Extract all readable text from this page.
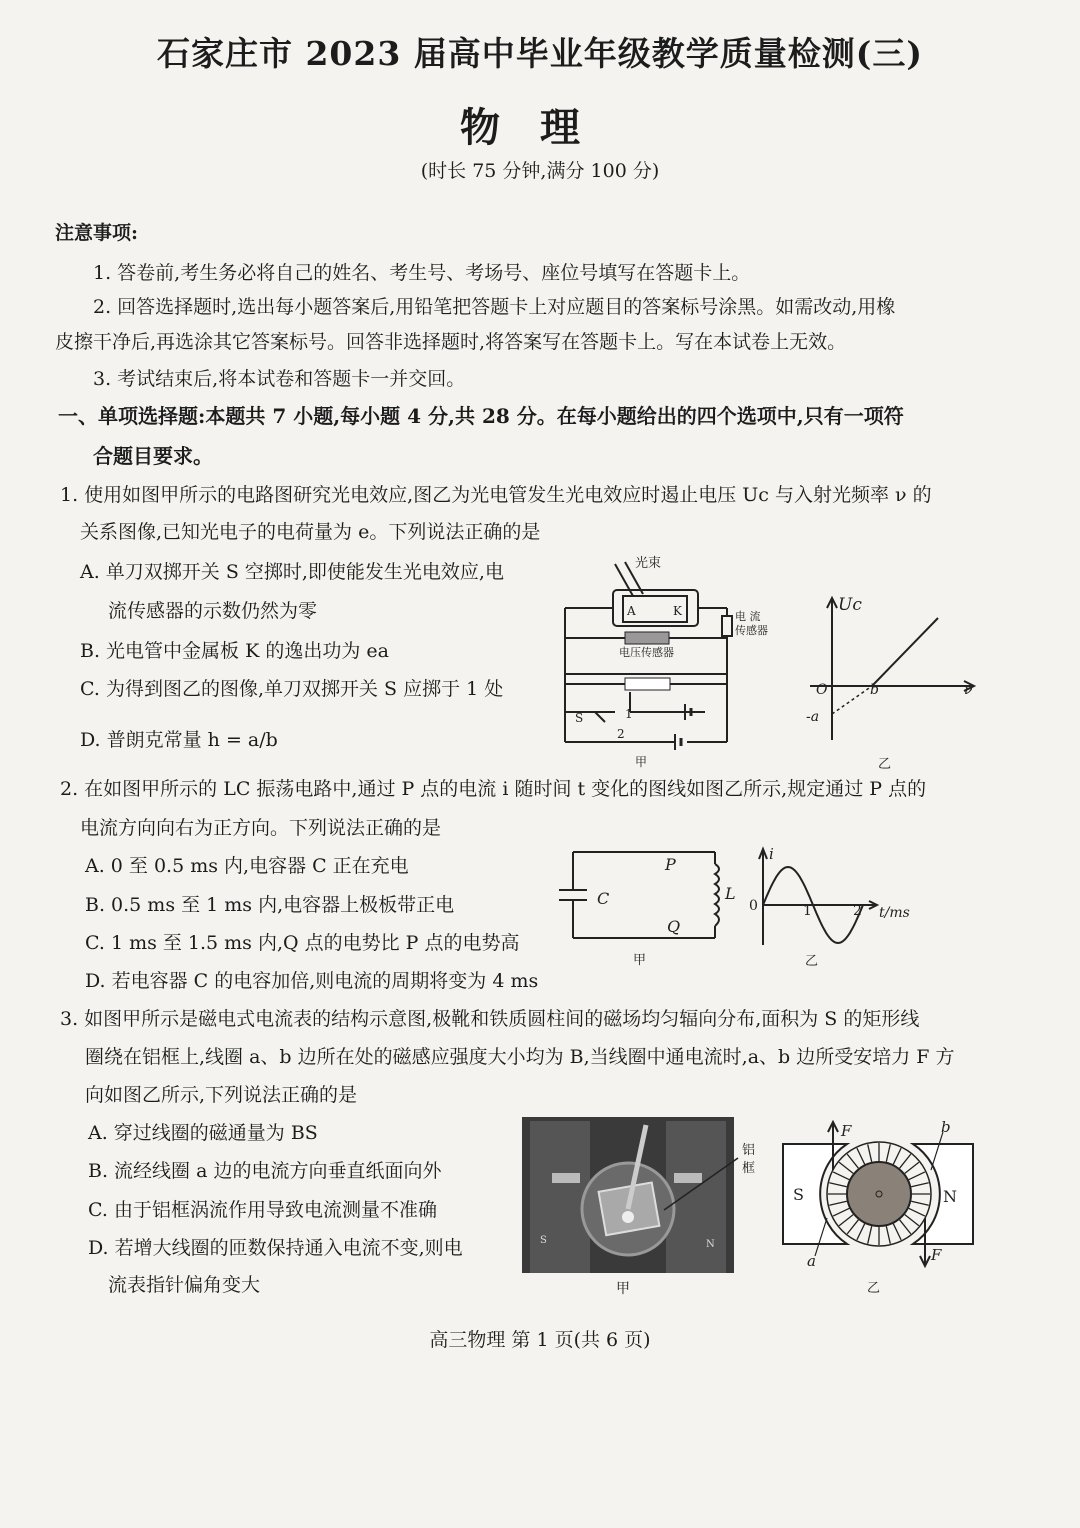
石家庄市 2023 届高中毕业年级教学质量检测(三)
物理
(时长 75 分钟,满分 100 分)
注意事项:
1. 答卷前,考生务必将自己的姓名、考生号、考场号、座位号填写在答题卡上。
2. 回答选择题时,选出每小题答案后,用铅笔把答题卡上对应题目的答案标号涂黑。如需改动,用橡
皮擦干净后,再选涂其它答案标号。回答非选择题时,将答案写在答题卡上。写在本试卷上无效。
3. 考试结束后,将本试卷和答题卡一并交回。
一、单项选择题:本题共 7 小题,每小题 4 分,共 28 分。在每小题给出的四个选项中,只有一项符
合题目要求。
1. 使用如图甲所示的电路图研究光电效应,图乙为光电管发生光电效应时遏止电压 Uc 与入射光频率 ν 的
关系图像,已知光电子的电荷量为 e。下列说法正确的是
A. 单刀双掷开关 S 空掷时,即使能发生光电效应,电
流传感器的示数仍然为零
B. 光电管中金属板 K 的逸出功为 ea
C. 为得到图乙的图像,单刀双掷开关 S 应掷于 1 处
D. 普朗克常量 h = a/b
光束
A	K	电 流
传感器
电压传感器
1
S
2
甲
Uc
O	b	ν
-a
乙
2. 在如图甲所示的 LC 振荡电路中,通过 P 点的电流 i 随时间 t 变化的图线如图乙所示,规定通过 P 点的
电流方向向右为正方向。下列说法正确的是
A. 0 至 0.5 ms 内,电容器 C 正在充电
B. 0.5 ms 至 1 ms 内,电容器上极板带正电
C. 1 ms 至 1.5 ms 内,Q 点的电势比 P 点的电势高
D. 若电容器 C 的电容加倍,则电流的周期将变为 4 ms
C
P
Q
L
甲
i
0	1	2 t/ms
乙
3. 如图甲所示是磁电式电流表的结构示意图,极靴和铁质圆柱间的磁场均匀辐向分布,面积为 S 的矩形线
圈绕在铝框上,线圈 a、b 边所在处的磁感应强度大小均为 B,当线圈中通电流时,a、b 边所受安培力 F 方
向如图乙所示,下列说法正确的是
A. 穿过线圈的磁通量为 BS
B. 流经线圈 a 边的电流方向垂直纸面向外
C. 由于铝框涡流作用导致电流测量不准确
D. 若增大线圈的匝数保持通入电流不变,则电
流表指针偏角变大
S	N
铝
框
甲
F
F
a
b
S	N
乙
高三物理 第 1 页(共 6 页)
